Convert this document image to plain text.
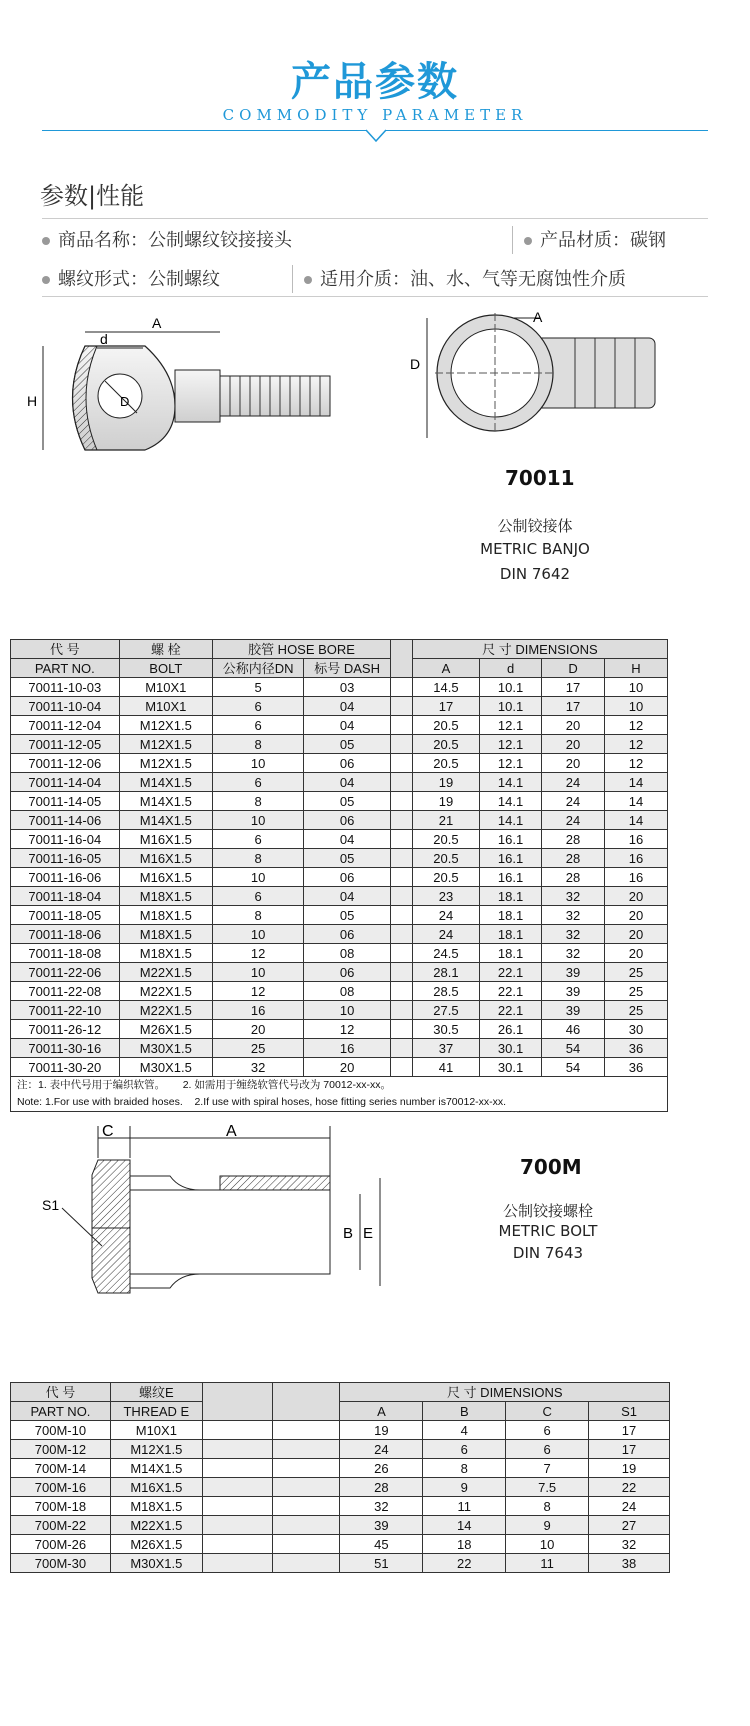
产品参数
COMMODITY PARAMETER
参数|性能
商品名称：公制螺纹铰接接头	产品材质：碳钢
螺纹形式：公制螺纹	适用介质：油、水、气等无腐蚀性介质
A
d
D
H
A
D
70011
公制铰接体
METRIC BANJO
DIN 7642
代 号	螺 栓	胶管 HOSE BORE			尺 寸 DIMENSIONS			
PART NO.	BOLT	公称内径DN	标号 DASH		A	d	D	H
70011-10-03	M10X1	5	03		14.5	10.1	17	10
70011-10-04	M10X1	6	04		17	10.1	17	10
70011-12-04	M12X1.5	6	04		20.5	12.1	20	12
70011-12-05	M12X1.5	8	05		20.5	12.1	20	12
70011-12-06	M12X1.5	10	06		20.5	12.1	20	12
70011-14-04	M14X1.5	6	04		19	14.1	24	14
70011-14-05	M14X1.5	8	05		19	14.1	24	14
70011-14-06	M14X1.5	10	06		21	14.1	24	14
70011-16-04	M16X1.5	6	04		20.5	16.1	28	16
70011-16-05	M16X1.5	8	05		20.5	16.1	28	16
70011-16-06	M16X1.5	10	06		20.5	16.1	28	16
70011-18-04	M18X1.5	6	04		23	18.1	32	20
70011-18-05	M18X1.5	8	05		24	18.1	32	20
70011-18-06	M18X1.5	10	06		24	18.1	32	20
70011-18-08	M18X1.5	12	08		24.5	18.1	32	20
70011-22-06	M22X1.5	10	06		28.1	22.1	39	25
70011-22-08	M22X1.5	12	08		28.5	22.1	39	25
70011-22-10	M22X1.5	16	10		27.5	22.1	39	25
70011-26-12	M26X1.5	20	12		30.5	26.1	46	30
70011-30-16	M30X1.5	25	16		37	30.1	54	36
70011-30-20	M30X1.5	32	20		41	30.1	54	36
注：1. 表中代号用于编织软管。 2. 如需用于缠绕软管代号改为 70012-xx-xx。
Note: 1.For use with braided hoses. 2.If use with spiral hoses, hose fitting series number is70012-xx-xx.								
C	A
S1
B E
700M
公制铰接螺栓
METRIC BOLT
DIN 7643
代 号	螺纹E			尺 寸 DIMENSIONS			
PART NO.	THREAD E			A	B	C	S1
700M-10	M10X1			19	4	6	17
700M-12	M12X1.5			24	6	6	17
700M-14	M14X1.5			26	8	7	19
700M-16	M16X1.5			28	9	7.5	22
700M-18	M18X1.5			32	11	8	24
700M-22	M22X1.5			39	14	9	27
700M-26	M26X1.5			45	18	10	32
700M-30	M30X1.5			51	22	11	38
